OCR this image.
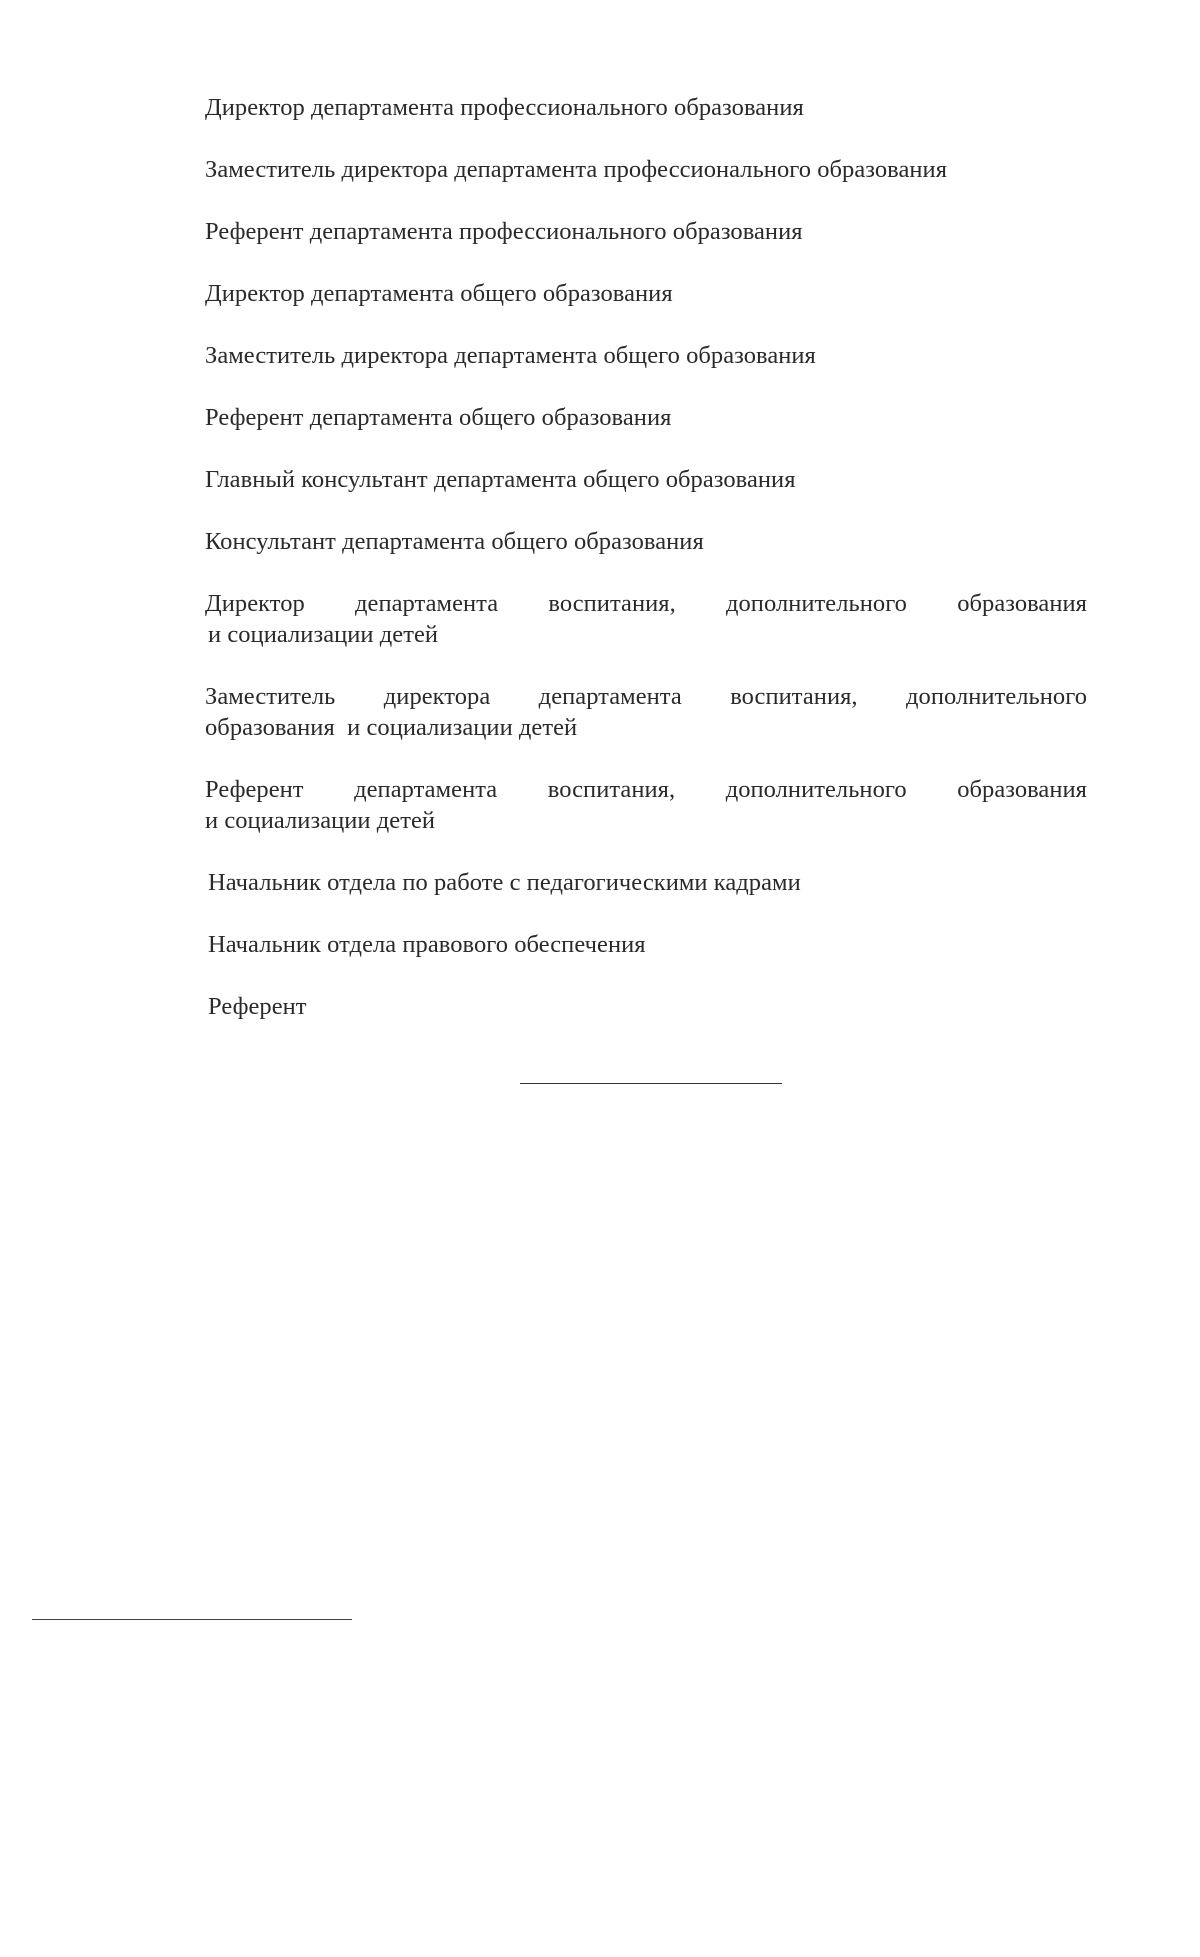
Директор департамента профессионального образования
Заместитель директора департамента профессионального образования
Референт департамента профессионального образования
Директор департамента общего образования
Заместитель директора департамента общего образования
Референт департамента общего образования
Главный консультант департамента общего образования
Консультант департамента общего образования
Директор департамента воспитания, дополнительного образования
и социализации детей
Заместитель директора департамента воспитания, дополнительного
образования  и социализации детей
Референт департамента воспитания, дополнительного образования
и социализации детей
Начальник отдела по работе с педагогическими кадрами
Начальник отдела правового обеспечения
Референт
